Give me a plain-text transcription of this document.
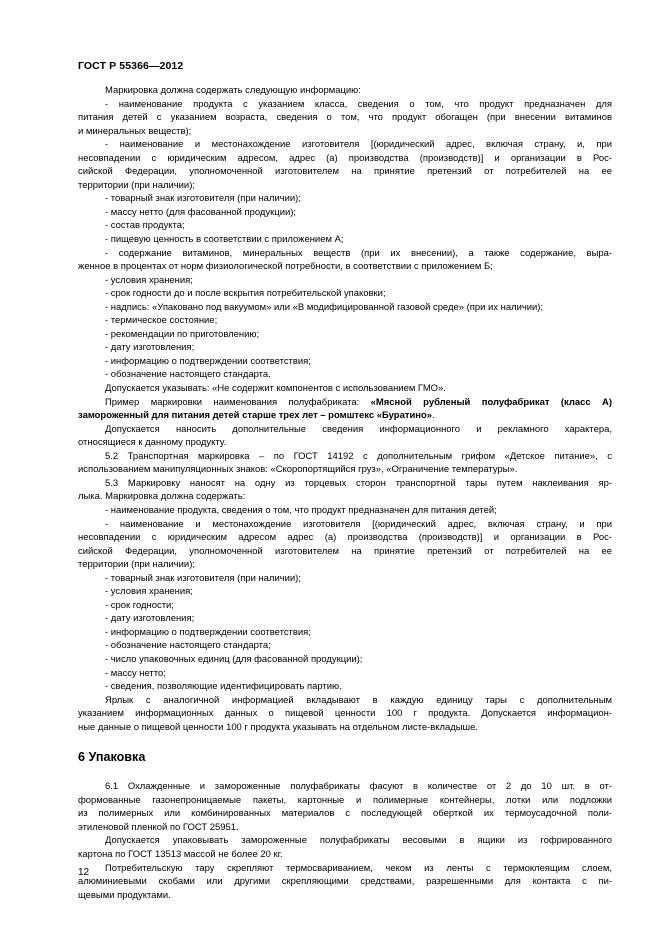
ГОСТ Р 55366—2012

Маркировка должна содержать следующую информацию:

- наименование продукта с указанием класса, сведения о том, что продукт предназначен для

питания детей с указанием возраста, сведения о том, что продукт обогащен (при внесении витаминов

и минеральных веществ);

- наименование и местонахождение изготовителя [(юридический адрес, включая страну, и, при

несовпадении с юридическим адресом, адрес (а) производства (производств)] и организации в Рос-

сийской Федерации, уполномоченной изготовителем на принятие претензий от потребителей на ее

территории (при наличии);

- товарный знак изготовителя (при наличии);

- массу нетто (для фасованной продукции);

- состав продукта;

- пищевую ценность в соответствии с приложением А;

- содержание витаминов, минеральных веществ (при их внесении), а также содержание, выра-

женное в процентах от норм физиологической потребности, в соответствии с приложением Б;

- условия хранения;

- срок годности до и после вскрытия потребительской упаковки;

- надпись: «Упаковано под вакуумом» или «В модифицированной газовой среде» (при их наличии);

- термическое состояние;

- рекомендации по приготовлению;

- дату изготовления;

- информацию о подтверждении соответствия;

- обозначение настоящего стандарта.

Допускается указывать: «Не содержит компонентов с использованием ГМО».

Пример маркировки наименования полуфабриката: «Мясной рубленый полуфабрикат (класс А)

замороженный для питания детей старше трех лет – ромштекс «Буратино».

Допускается наносить дополнительные сведения информационного и рекламного характера,

относящиеся к данному продукту.

5.2 Транспортная маркировка – по ГОСТ 14192 с дополнительным грифом «Детское питание», с

использованием манипуляционных знаков: «Скоропортящийся груз», «Ограничение температуры».

5.3 Маркировку наносят на одну из торцевых сторон транспортной тары путем наклеивания яр-

лыка. Маркировка должна содержать:

- наименование продукта, сведения о том, что продукт предназначен для питания детей;

- наименование и местонахождение изготовителя [(юридический адрес, включая страну, и при

несовпадении с юридическим адресом адрес (а) производства (производств)] и организации в Рос-

сийской Федерации, уполномоченной изготовителем на принятие претензий от потребителей на ее

территории (при наличии);

- товарный знак изготовителя (при наличии);

- условия хранения;

- срок годности;

- дату изготовления;

- информацию о подтверждении соответствия;

- обозначение настоящего стандарта;

- число упаковочных единиц (для фасованной продукции);

- массу нетто;

- сведения, позволяющие идентифицировать партию.

Ярлык с аналогичной информацией вкладывают в каждую единицу тары с дополнительным

указанием информационных данных о пищевой ценности 100 г продукта. Допускается информацион-

ные данные о пищевой ценности 100 г продукта указывать на отдельном листе-вкладыше.

6 Упаковка

6.1 Охлажденные и замороженные полуфабрикаты фасуют в количестве от 2 до 10 шт. в от-

формованные газонепроницаемые пакеты, картонные и полимерные контейнеры, лотки или подложки

из полимерных или комбинированных материалов с последующей оберткой их термоусадочной поли-

этиленовой пленкой по ГОСТ 25951.

Допускается упаковывать замороженные полуфабрикаты весовыми в ящики из гофрированного

картона по ГОСТ 13513 массой не более 20 кг.

Потребительскую тару скрепляют термосвариванием, чеком из ленты с термоклеящим слоем,

алюминиевыми скобами или другими скрепляющими средствами, разрешенными для контакта с пи-

щевыми продуктами.

12
